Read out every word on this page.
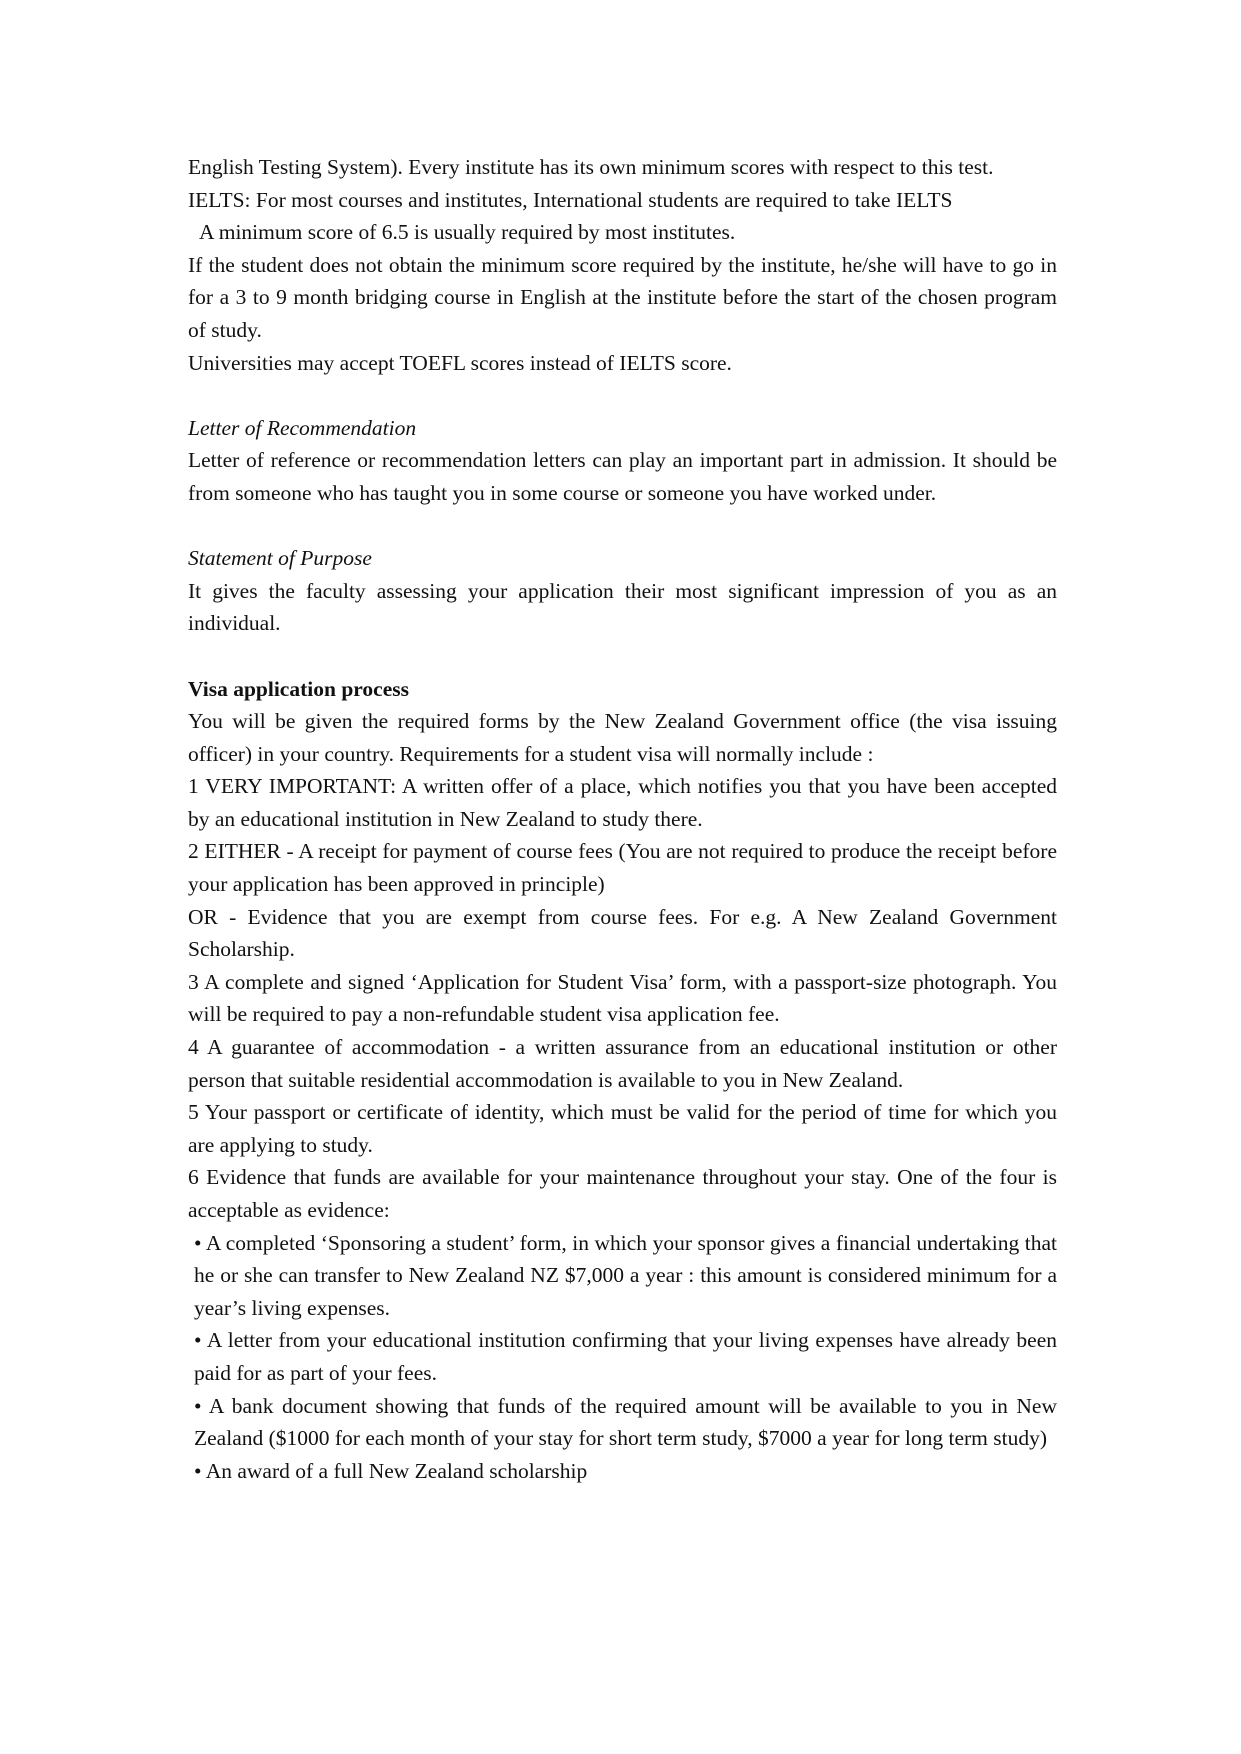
English Testing System). Every institute has its own minimum scores with respect to this test.

IELTS: For most courses and institutes, International students are required to take IELTS

A minimum score of 6.5 is usually required by most institutes.

If the student does not obtain the minimum score required by the institute, he/she will have to go in for a 3 to 9 month bridging course in English at the institute before the start of the chosen program of study.

Universities may accept TOEFL scores instead of IELTS score.

Letter of Recommendation

Letter of reference or recommendation letters can play an important part in admission. It should be from someone who has taught you in some course or someone you have worked under.

Statement of Purpose

It gives the faculty assessing your application their most significant impression of you as an individual.

Visa application process

You will be given the required forms by the New Zealand Government office (the visa issuing officer) in your country. Requirements for a student visa will normally include :

1 VERY IMPORTANT: A written offer of a place, which notifies you that you have been accepted by an educational institution in New Zealand to study there.

2 EITHER - A receipt for payment of course fees (You are not required to produce the receipt before your application has been approved in principle)

OR - Evidence that you are exempt from course fees. For e.g. A New Zealand Government Scholarship.

3 A complete and signed ‘Application for Student Visa’ form, with a passport-size photograph. You will be required to pay a non-refundable student visa application fee.

4 A guarantee of accommodation - a written assurance from an educational institution or other person that suitable residential accommodation is available to you in New Zealand.

5 Your passport or certificate of identity, which must be valid for the period of time for which you are applying to study.

6 Evidence that funds are available for your maintenance throughout your stay. One of the four is acceptable as evidence:

• A completed ‘Sponsoring a student’ form, in which your sponsor gives a financial undertaking that he or she can transfer to New Zealand NZ $7,000 a year : this amount is considered minimum for a year’s living expenses.

• A letter from your educational institution confirming that your living expenses have already been paid for as part of your fees.

• A bank document showing that funds of the required amount will be available to you in New Zealand ($1000 for each month of your stay for short term study, $7000 a year for long term study)

• An award of a full New Zealand scholarship
